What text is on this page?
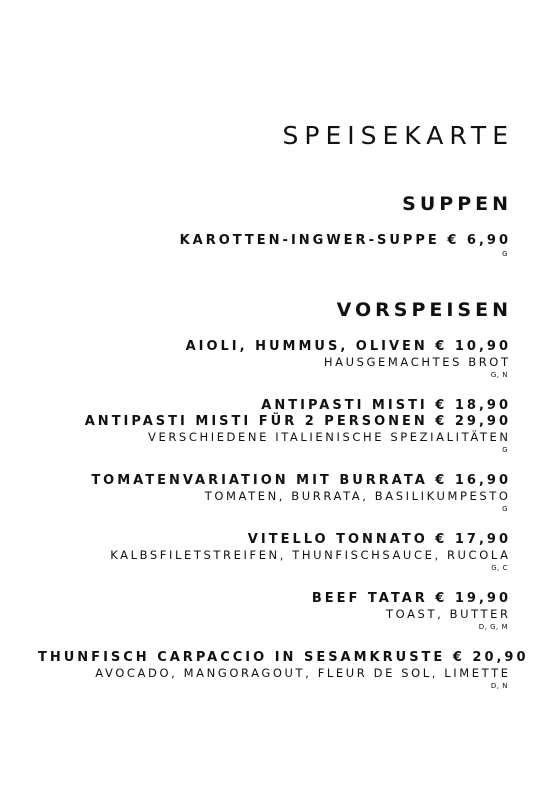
SPEISEKARTE
SUPPEN
KAROTTEN-INGWER-SUPPE € 6,90
G
VORSPEISEN
AIOLI, HUMMUS, OLIVEN € 10,90
HAUSGEMACHTES BROT
G, N
ANTIPASTI MISTI € 18,90
ANTIPASTI MISTI FÜR 2 PERSONEN € 29,90
VERSCHIEDENE ITALIENISCHE SPEZIALITÄTEN
G
TOMATENVARIATION MIT BURRATA € 16,90
TOMATEN, BURRATA, BASILIKUMPESTO
G
VITELLO TONNATO € 17,90
KALBSFILETSTREIFEN, THUNFISCHSAUCE, RUCOLA
G, C
BEEF TATAR € 19,90
TOAST, BUTTER
D, G, M
THUNFISCH CARPACCIO IN SESAMKRUSTE € 20,90
AVOCADO, MANGORAGOUT, FLEUR DE SOL, LIMETTE
D, N
